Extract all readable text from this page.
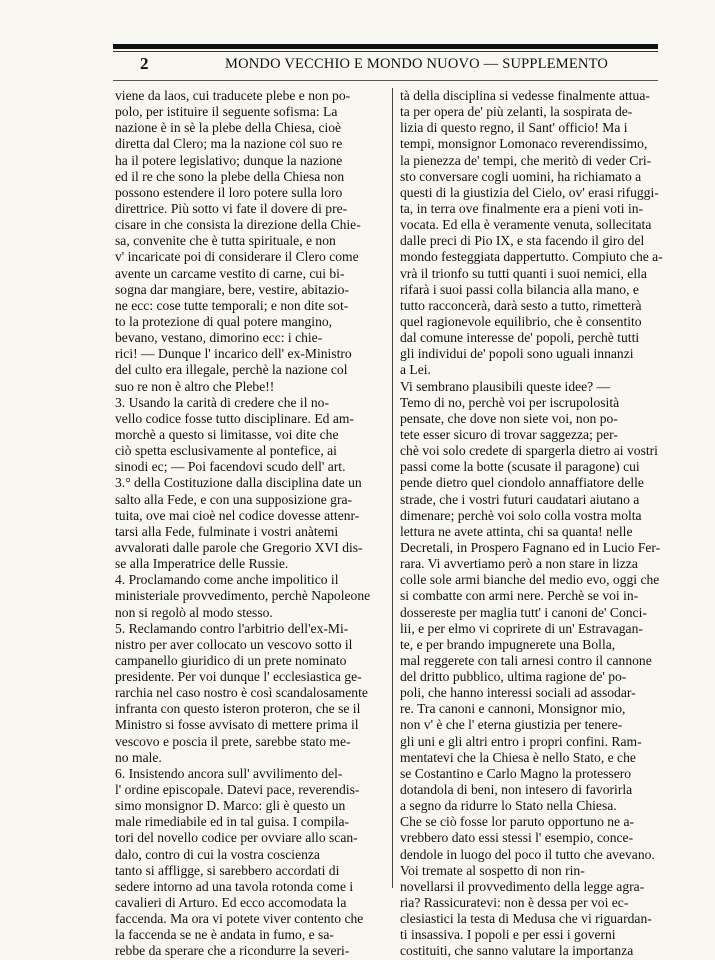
2	MONDO VECCHIO E MONDO NUOVO — SUPPLEMENTO
viene da laos, cui traducete plebe e non po-
polo, per istituire il seguente sofisma: La
nazione è in sè la plebe della Chiesa, cioè
diretta dal Clero; ma la nazione col suo re
ha il potere legislativo; dunque la nazione
ed il re che sono la plebe della Chiesa non
possono estendere il loro potere sulla loro
direttrice. Più sotto vi fate il dovere di pre-
cisare in che consista la direzione della Chie-
sa, convenite che è tutta spirituale, e non
v' incaricate poi di considerare il Clero come
avente un carcame vestito di carne, cui bi-
sogna dar mangiare, bere, vestire, abitazio-
ne ecc: cose tutte temporali; e non dite sot-
to la protezione di qual potere mangino,
bevano, vestano, dimorino ecc: i chie-
rici! — Dunque l' incarico dell' ex-Ministro
del culto era illegale, perchè la nazione col
suo re non è altro che Plebe!!
3. Usando la carità di credere che il no-
vello codice fosse tutto disciplinare. Ed am-
morchè a questo si limitasse, voi dite che
ciò spetta esclusivamente al pontefice, ai
sinodi ec; — Poi facendovi scudo dell' art.
3.° della Costituzione dalla disciplina date un
salto alla Fede, e con una supposizione gra-
tuita, ove mai cioè nel codice dovesse attenr-
tarsi alla Fede, fulminate i vostri anàtemi
avvalorati dalle parole che Gregorio XVI dis-
se alla Imperatrice delle Russie.
4. Proclamando come anche impolitico il
ministeriale provvedimento, perchè Napoleone
non si regolò al modo stesso.
5. Reclamando contro l'arbitrio dell'ex-Mi-
nistro per aver collocato un vescovo sotto il
campanello giuridico di un prete nominato
presidente. Per voi dunque l' ecclesiastica ge-
rarchia nel caso nostro è così scandalosamente
infranta con questo isteron proteron, che se il
Ministro si fosse avvisato di mettere prima il
vescovo e poscia il prete, sarebbe stato me-
no male.
6. Insistendo ancora sull' avvilimento del-
l' ordine episcopale. Datevi pace, reverendis-
simo monsignor D. Marco: gli è questo un
male rimediabile ed in tal guisa. I compila-
tori del novello codice per ovviare allo scan-
dalo, contro di cui la vostra coscienza
tanto si affligge, si sarebbero accordati di
sedere intorno ad una tavola rotonda come i
cavalieri di Arturo. Ed ecco accomodata la
faccenda. Ma ora vi potete viver contento che
la faccenda se ne è andata in fumo, e sa-
rebbe da sperare che a ricondurre la severi-
tà della disciplina si vedesse finalmente attua-
ta per opera de' più zelanti, la sospirata de-
lizia di questo regno, il Sant' officio! Ma i
tempi, monsignor Lomonaco reverendissimo,
la pienezza de' tempi, che meritò di veder Cri-
sto conversare cogli uomini, ha richiamato a
questi di la giustizia del Cielo, ov' erasi rifuggi-
ta, in terra ove finalmente era a pieni voti in-
vocata. Ed ella è veramente venuta, sollecitata
dalle preci di Pio IX, e sta facendo il giro del
mondo festeggiata dappertutto. Compiuto che a-
vrà il trionfo su tutti quanti i suoi nemici, ella
rifarà i suoi passi colla bilancia alla mano, e
tutto racconcerà, darà sesto a tutto, rimetterà
quel ragionevole equilibrio, che è consentito
dal comune interesse de' popoli, perchè tutti
gli individui de' popoli sono uguali innanzi
a Lei.
Vi sembrano plausibili queste idee? —
Temo di no, perchè voi per iscrupolosità
pensate, che dove non siete voi, non po-
tete esser sicuro di trovar saggezza; per-
chè voi solo credete di spargerla dietro ai vostri
passi come la botte (scusate il paragone) cui
pende dietro quel ciondolo annaffiatore delle
strade, che i vostri futuri caudatari aiutano a
dimenare; perchè voi solo colla vostra molta
lettura ne avete attinta, chi sa quanta! nelle
Decretali, in Prospero Fagnano ed in Lucio Fer-
rara. Vi avvertiamo però a non stare in lizza
colle sole armi bianche del medio evo, oggi che
si combatte con armi nere. Perchè se voi in-
dossereste per maglia tutt' i canoni de' Conci-
lii, e per elmo vi coprirete di un' Estravagan-
te, e per brando impugnerete una Bolla,
mal reggerete con tali arnesi contro il cannone
del dritto pubblico, ultima ragione de' po-
poli, che hanno interessi sociali ad assodar-
re. Tra canoni e cannoni, Monsignor mio,
non v' è che l' eterna giustizia per tenere-
gli uni e gli altri entro i propri confini. Ram-
mentatevi che la Chiesa è nello Stato, e che
se Costantino e Carlo Magno la protessero
dotandola di beni, non intesero di favorirla
a segno da ridurre lo Stato nella Chiesa.
Che se ciò fosse lor paruto opportuno ne a-
vrebbero dato essi stessi l' esempio, conce-
dendole in luogo del poco il tutto che avevano.
Voi tremate al sospetto di non rin-
novellarsi il provvedimento della legge agra-
ria? Rassicuratevi: non è dessa per voi ec-
clesiastici la testa di Medusa che vi riguardan-
ti insassiva. I popoli e per essi i governi
costituiti, che sanno valutare la importanza
